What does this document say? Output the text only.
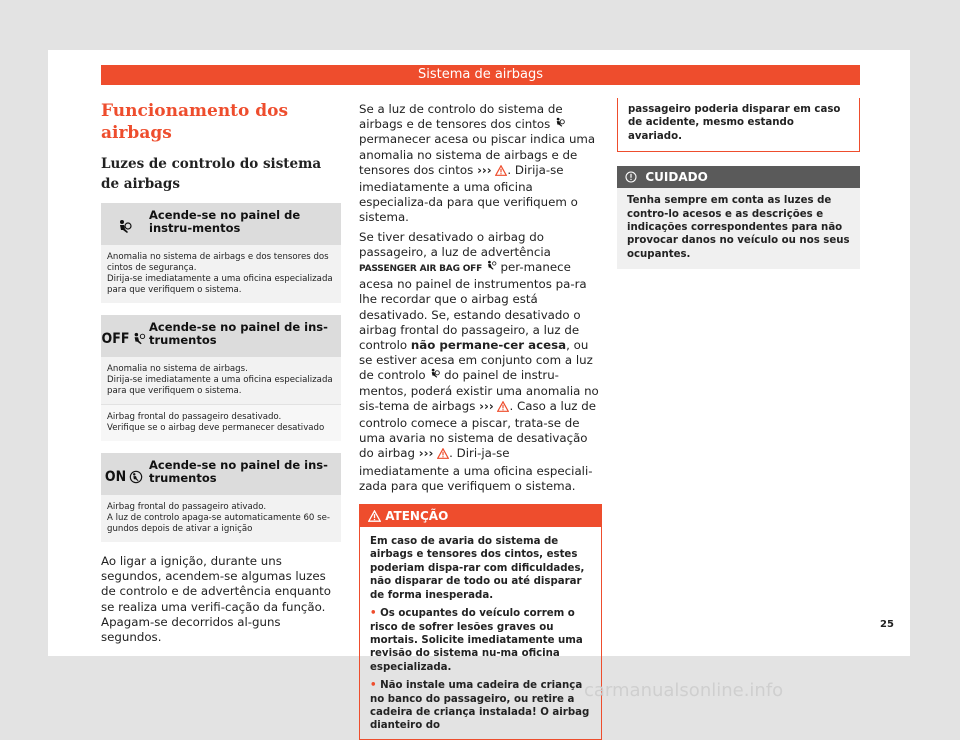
Sistema de airbags
Funcionamento dos airbags
Luzes de controlo do sistema de airbags
Acende-se no painel de instru-mentos
Anomalia no sistema de airbags e dos tensores dos cintos de segurança.
Dirija-se imediatamente a uma oficina especializada para que verifiquem o sistema.
OFF
Acende-se no painel de ins-trumentos
Anomalia no sistema de airbags.
Dirija-se imediatamente a uma oficina especializada para que verifiquem o sistema.
Airbag frontal do passageiro desativado.
Verifique se o airbag deve permanecer desativado
ON
Acende-se no painel de ins-trumentos
Airbag frontal do passageiro ativado.
A luz de controlo apaga-se automaticamente 60 se-gundos depois de ativar a ignição

Ao ligar a ignição, durante uns segundos, acendem-se algumas luzes de controlo e de advertência enquanto se realiza uma verifi-cação da função. Apagam-se decorridos al-guns segundos.

Se a luz de controlo do sistema de airbags e de tensores dos cintos  permanecer acesa ou piscar indica uma anomalia no sistema de airbags e de tensores dos cintos ››› . Dirija-se imediatamente a uma oficina especializa-da para que verifiquem o sistema.

Se tiver desativado o airbag do passageiro, a luz de advertência PASSENGER AIR BAG OFF  per-manece acesa no painel de instrumentos pa-ra lhe recordar que o airbag está desativado. Se, estando desativado o airbag frontal do passageiro, a luz de controlo não permane-cer acesa, ou se estiver acesa em conjunto com a luz de controlo  do painel de instru-mentos, poderá existir uma anomalia no sis-tema de airbags ››› . Caso a luz de controlo comece a piscar, trata-se de uma avaria no sistema de desativação do airbag ››› . Diri-ja-se imediatamente a uma oficina especiali-zada para que verifiquem o sistema.

ATENÇÃO

Em caso de avaria do sistema de airbags e tensores dos cintos, estes poderiam dispa-rar com dificuldades, não disparar de todo ou até disparar de forma inesperada.

• Os ocupantes do veículo correm o risco de sofrer lesões graves ou mortais. Solicite imediatamente uma revisão do sistema nu-ma oficina especializada.

• Não instale uma cadeira de criança no banco do passageiro, ou retire a cadeira de criança instalada! O airbag dianteiro do

passageiro poderia disparar em caso de acidente, mesmo estando avariado.
CUIDADO
Tenha sempre em conta as luzes de contro-lo acesos e as descrições e indicações correspondentes para não provocar danos no veículo ou nos seus ocupantes.
25
carmanualsonline.info
